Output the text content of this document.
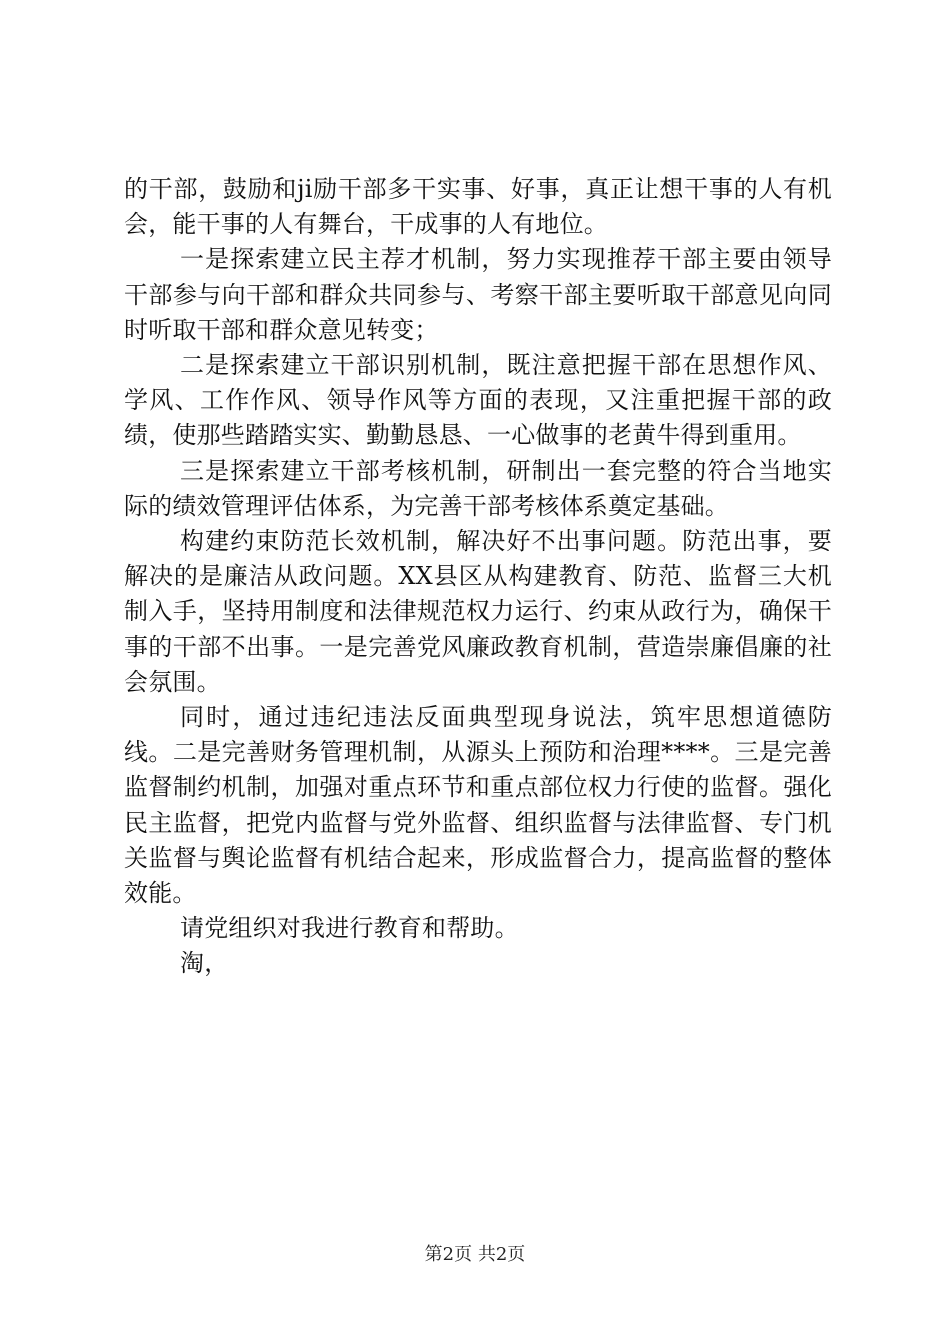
的干部，鼓励和ji励干部多干实事、好事，真正让想干事的人有机会，能干事的人有舞台，干成事的人有地位。

一是探索建立民主荐才机制，努力实现推荐干部主要由领导干部参与向干部和群众共同参与、考察干部主要听取干部意见向同时听取干部和群众意见转变；

二是探索建立干部识别机制，既注意把握干部在思想作风、学风、工作作风、领导作风等方面的表现，又注重把握干部的政绩，使那些踏踏实实、勤勤恳恳、一心做事的老黄牛得到重用。

三是探索建立干部考核机制，研制出一套完整的符合当地实际的绩效管理评估体系，为完善干部考核体系奠定基础。

构建约束防范长效机制，解决好不出事问题。防范出事，要解决的是廉洁从政问题。XX县区从构建教育、防范、监督三大机制入手，坚持用制度和法律规范权力运行、约束从政行为，确保干事的干部不出事。一是完善党风廉政教育机制，营造崇廉倡廉的社会氛围。

同时，通过违纪违法反面典型现身说法，筑牢思想道德防线。二是完善财务管理机制，从源头上预防和治理****。三是完善监督制约机制，加强对重点环节和重点部位权力行使的监督。强化民主监督，把党内监督与党外监督、组织监督与法律监督、专门机关监督与舆论监督有机结合起来，形成监督合力，提高监督的整体效能。

请党组织对我进行教育和帮助。

淘，

第2页 共2页
